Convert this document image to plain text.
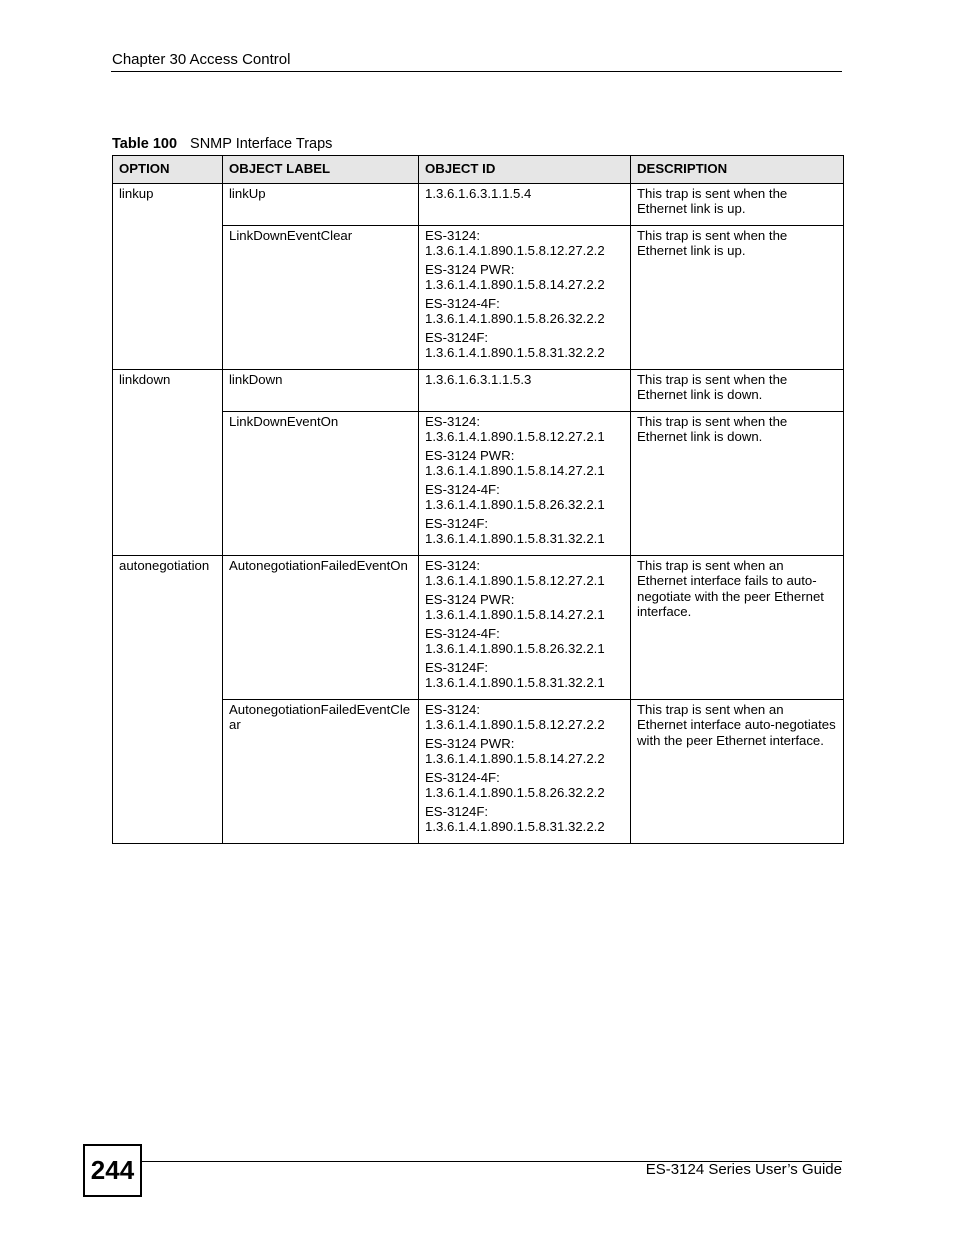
Chapter 30 Access Control
Table 100 SNMP Interface Traps
OPTION	OBJECT LABEL	OBJECT ID	DESCRIPTION
linkup	linkUp	1.3.6.1.6.3.1.1.5.4	This trap is sent when the Ethernet link is up.
	LinkDownEventClear	ES-3124: 1.3.6.1.4.1.890.1.5.8.12.27.2.2
ES-3124 PWR: 1.3.6.1.4.1.890.1.5.8.14.27.2.2
ES-3124-4F: 1.3.6.1.4.1.890.1.5.8.26.32.2.2
ES-3124F: 1.3.6.1.4.1.890.1.5.8.31.32.2.2	This trap is sent when the Ethernet link is up.
linkdown	linkDown	1.3.6.1.6.3.1.1.5.3	This trap is sent when the Ethernet link is down.
	LinkDownEventOn	ES-3124: 1.3.6.1.4.1.890.1.5.8.12.27.2.1
ES-3124 PWR: 1.3.6.1.4.1.890.1.5.8.14.27.2.1
ES-3124-4F: 1.3.6.1.4.1.890.1.5.8.26.32.2.1
ES-3124F: 1.3.6.1.4.1.890.1.5.8.31.32.2.1	This trap is sent when the Ethernet link is down.
autonegotiation	AutonegotiationFailedEventOn	ES-3124: 1.3.6.1.4.1.890.1.5.8.12.27.2.1
ES-3124 PWR: 1.3.6.1.4.1.890.1.5.8.14.27.2.1
ES-3124-4F: 1.3.6.1.4.1.890.1.5.8.26.32.2.1
ES-3124F: 1.3.6.1.4.1.890.1.5.8.31.32.2.1	This trap is sent when an Ethernet interface fails to auto-negotiate with the peer Ethernet interface.
	AutonegotiationFailedEventClear	ES-3124: 1.3.6.1.4.1.890.1.5.8.12.27.2.2
ES-3124 PWR: 1.3.6.1.4.1.890.1.5.8.14.27.2.2
ES-3124-4F: 1.3.6.1.4.1.890.1.5.8.26.32.2.2
ES-3124F: 1.3.6.1.4.1.890.1.5.8.31.32.2.2	This trap is sent when an Ethernet interface auto-negotiates with the peer Ethernet interface.
244	ES-3124 Series User’s Guide
